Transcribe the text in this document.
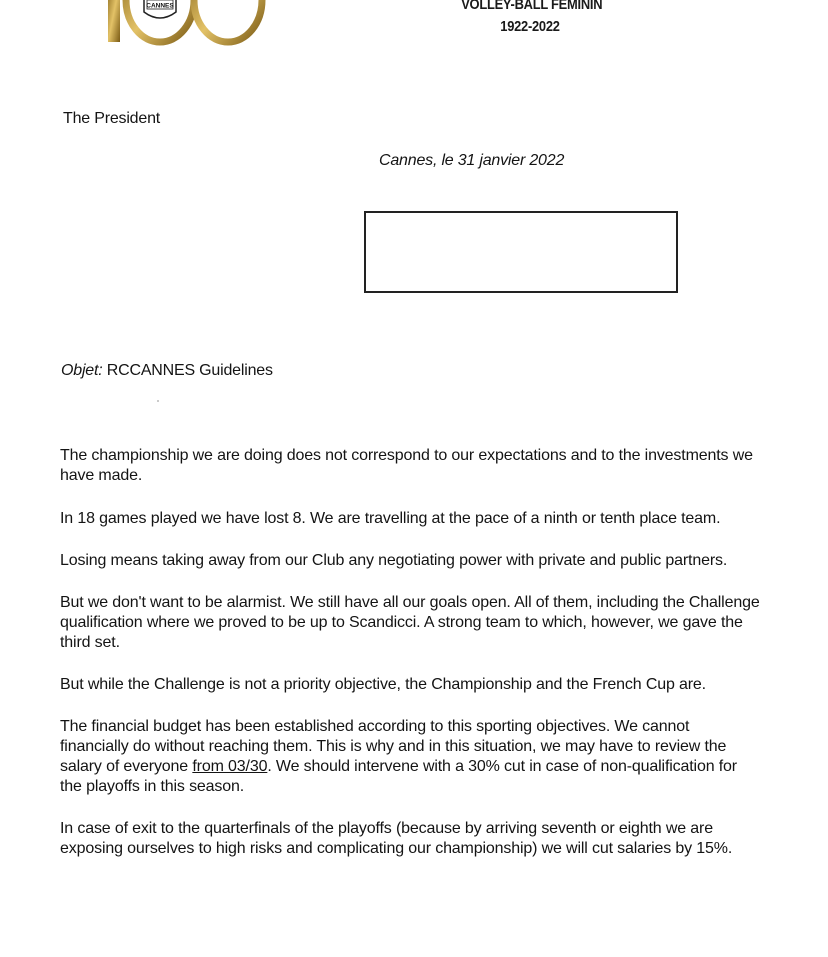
CANNES	VOLLEY-BALL FEMININ
1922-2022
The President
Cannes, le 31 janvier 2022
Objet: RCCANNES Guidelines

The championship we are doing does not correspond to our expectations and to the investments we have made.

In 18 games played we have lost 8. We are travelling at the pace of a ninth or tenth place team.

Losing means taking away from our Club any negotiating power with private and public partners.

But we don't want to be alarmist. We still have all our goals open. All of them, including the Challenge qualification where we proved to be up to Scandicci. A strong team to which, however, we gave the third set.

But while the Challenge is not a priority objective, the Championship and the French Cup are.

The financial budget has been established according to this sporting objectives. We cannot financially do without reaching them. This is why and in this situation, we may have to review the salary of everyone from 03/30. We should intervene with a 30% cut in case of non-qualification for the playoffs in this season.

In case of exit to the quarterfinals of the playoffs (because by arriving seventh or eighth we are exposing ourselves to high risks and complicating our championship) we will cut salaries by 15%.
